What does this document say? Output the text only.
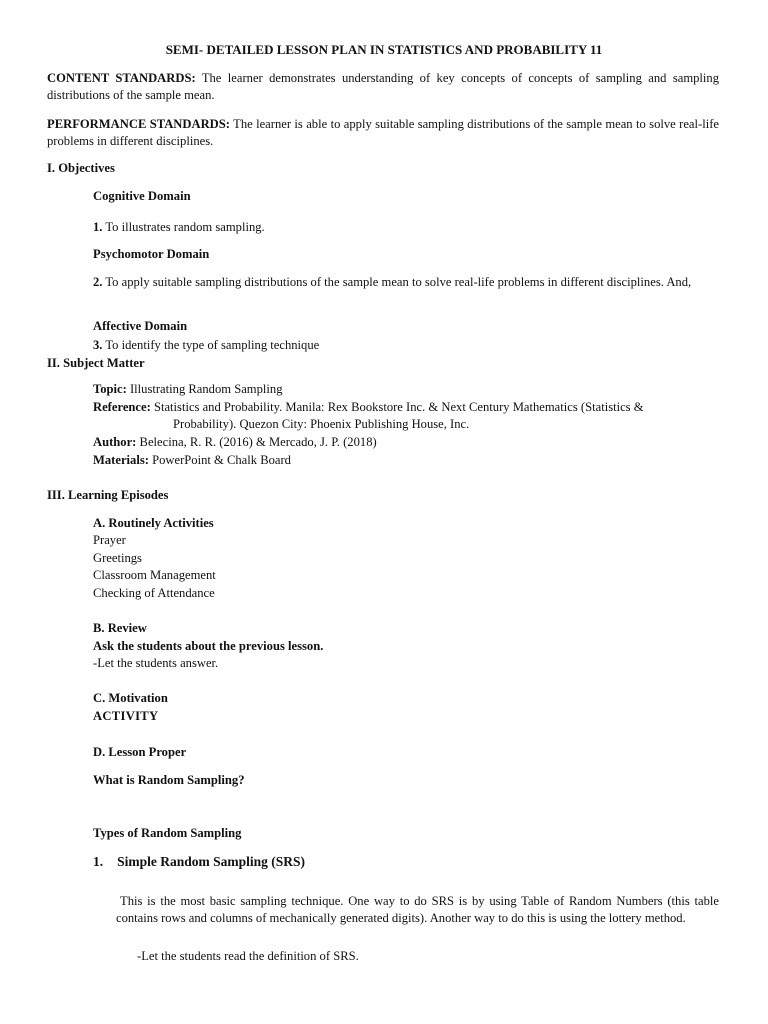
SEMI- DETAILED LESSON PLAN IN STATISTICS AND PROBABILITY 11

CONTENT STANDARDS: The learner demonstrates understanding of key concepts of concepts of sampling and sampling distributions of the sample mean.

PERFORMANCE STANDARDS: The learner is able to apply suitable sampling distributions of the sample mean to solve real-life problems in different disciplines.

I. Objectives
Cognitive Domain

1. To illustrates random sampling.

Psychomotor Domain

2. To apply suitable sampling distributions of the sample mean to solve real-life problems in different disciplines. And,

Affective Domain

3. To identify the type of sampling technique

II. Subject Matter
Topic: Illustrating Random Sampling
Reference: Statistics and Probability. Manila: Rex Bookstore Inc. & Next Century Mathematics (Statistics &
Probability). Quezon City: Phoenix Publishing House, Inc.
Author: Belecina, R. R. (2016) & Mercado, J. P. (2018)
Materials: PowerPoint & Chalk Board
III. Learning Episodes
A. Routinely Activities
Prayer
Greetings
Classroom Management
Checking of Attendance
B. Review
Ask the students about the previous lesson.
-Let the students answer.
C. Motivation
ACTIVITY
D. Lesson Proper
What is Random Sampling?
Types of Random Sampling
1. Simple Random Sampling (SRS)

This is the most basic sampling technique. One way to do SRS is by using Table of Random Numbers (this table contains rows and columns of mechanically generated digits). Another way to do this is using the lottery method.

-Let the students read the definition of SRS.
